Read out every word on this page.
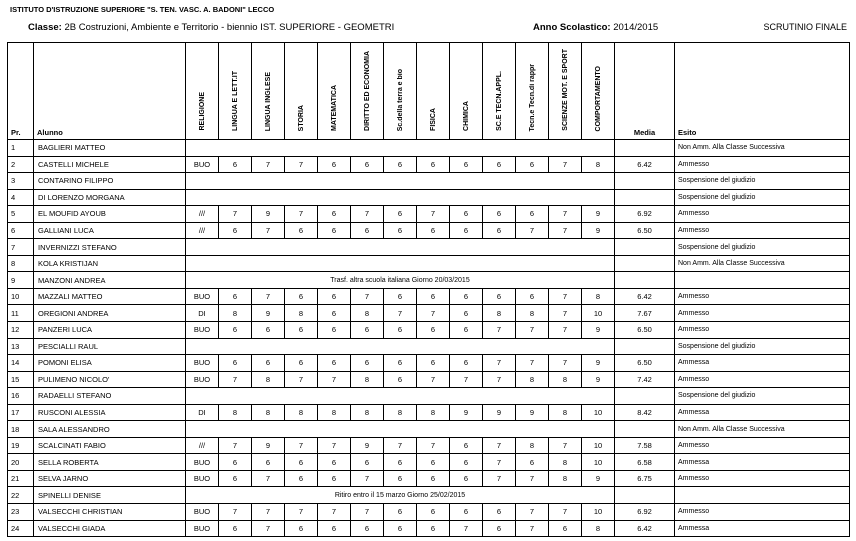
ISTITUTO D'ISTRUZIONE SUPERIORE "S. TEN. VASC. A. BADONI" LECCO
Classe: 2B Costruzioni, Ambiente e Territorio - biennio IST. SUPERIORE - GEOMETRI	Anno Scolastico: 2014/2015	SCRUTINIO FINALE
Pr.	Alunno	RELIGIONE	LINGUA E LETT.IT	LINGUA INGLESE	STORIA	MATEMATICA	DIRITTO ED ECONOMIA	Sc.della terra e bio	FISICA	CHIMICA	SC.E TECN.APPL.	Tecn.e Tecn.di rappr	SCIENZE MOT. E SPORT	COMPORTAMENTO	Media	Esito
1	BAGLIERI MATTEO															Non Amm. Alla Classe Successiva
2	CASTELLI MICHELE	BUO	6	7	7	6	6	6	6	6	6	6	7	8	6.42	Ammesso
3	CONTARINO FILIPPO															Sospensione del giudizio
4	DI LORENZO MORGANA															Sospensione del giudizio
5	EL MOUFID AYOUB	///	7	9	7	6	7	6	7	6	6	6	7	9	6.92	Ammesso
6	GALLIANI LUCA	///	6	7	6	6	6	6	6	6	6	7	7	9	6.50	Ammesso
7	INVERNIZZI STEFANO															Sospensione del giudizio
8	KOLA KRISTIJAN															Non Amm. Alla Classe Successiva
9	MANZONI ANDREA	Trasf. altra scuola italiana Giorno 20/03/2015														
10	MAZZALI MATTEO	BUO	6	7	6	6	7	6	6	6	6	6	7	8	6.42	Ammesso
11	OREGIONI ANDREA	DI	8	9	8	6	8	7	7	6	8	8	7	10	7.67	Ammesso
12	PANZERI LUCA	BUO	6	6	6	6	6	6	6	6	7	7	7	9	6.50	Ammesso
13	PESCIALLI RAUL															Sospensione del giudizio
14	POMONI ELISA	BUO	6	6	6	6	6	6	6	6	7	7	7	9	6.50	Ammessa
15	PULIMENO NICOLO'	BUO	7	8	7	7	8	6	7	7	7	8	8	9	7.42	Ammesso
16	RADAELLI STEFANO															Sospensione del giudizio
17	RUSCONI ALESSIA	DI	8	8	8	8	8	8	8	9	9	9	8	10	8.42	Ammessa
18	SALA ALESSANDRO															Non Amm. Alla Classe Successiva
19	SCALCINATI FABIO	///	7	9	7	7	9	7	7	6	7	8	7	10	7.58	Ammesso
20	SELLA ROBERTA	BUO	6	6	6	6	6	6	6	6	7	6	8	10	6.58	Ammessa
21	SELVA JARNO	BUO	6	7	6	6	7	6	6	6	7	7	8	9	6.75	Ammesso
22	SPINELLI DENISE	Ritiro entro il 15 marzo Giorno 25/02/2015														
23	VALSECCHI CHRISTIAN	BUO	7	7	7	7	7	6	6	6	6	7	7	10	6.92	Ammesso
24	VALSECCHI GIADA	BUO	6	7	6	6	6	6	6	7	6	7	6	8	6.42	Ammessa
